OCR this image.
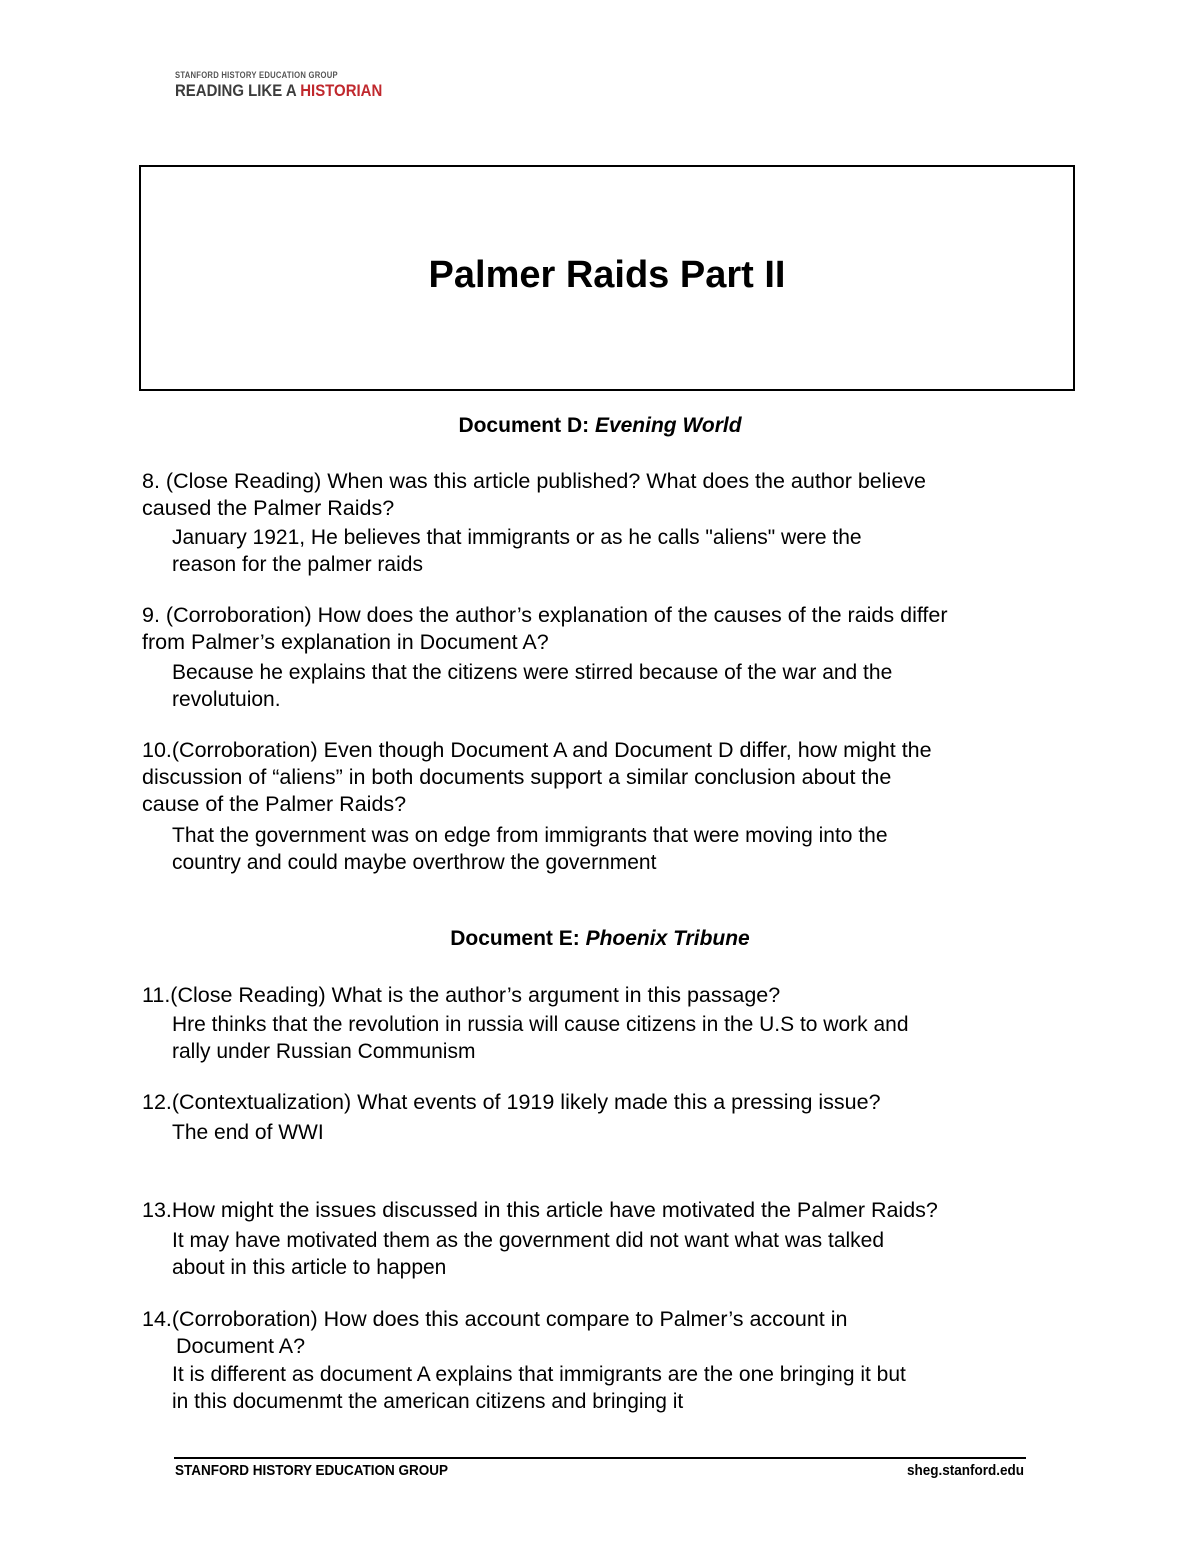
STANFORD HISTORY EDUCATION GROUP
READING LIKE A HISTORIAN
Palmer Raids Part II
Document D: Evening World
8. (Close Reading) When was this article published? What does the author believe
caused the Palmer Raids?
January 1921, He believes that immigrants or as he calls "aliens" were the
reason for the palmer raids
9. (Corroboration) How does the author’s explanation of the causes of the raids differ
from Palmer’s explanation in Document A?
Because he explains that the citizens were stirred because of the war and the
revolutuion.
10.(Corroboration) Even though Document A and Document D differ, how might the
discussion of “aliens” in both documents support a similar conclusion about the
cause of the Palmer Raids?
That the government was on edge from immigrants that were moving into the
country and could maybe overthrow the government
Document E: Phoenix Tribune
11.(Close Reading) What is the author’s argument in this passage?
Hre thinks that the revolution in russia will cause citizens in the U.S to work and
rally under Russian Communism
12.(Contextualization) What events of 1919 likely made this a pressing issue?
The end of WWI
13.How might the issues discussed in this article have motivated the Palmer Raids?
It may have motivated them as the government did not want what was talked
about in this article to happen
14.(Corroboration) How does this account compare to Palmer’s account in
Document A?
It is different as document A explains that immigrants are the one bringing it but
in this documenmt the american citizens and bringing it
STANFORD HISTORY EDUCATION GROUP	sheg.stanford.edu
